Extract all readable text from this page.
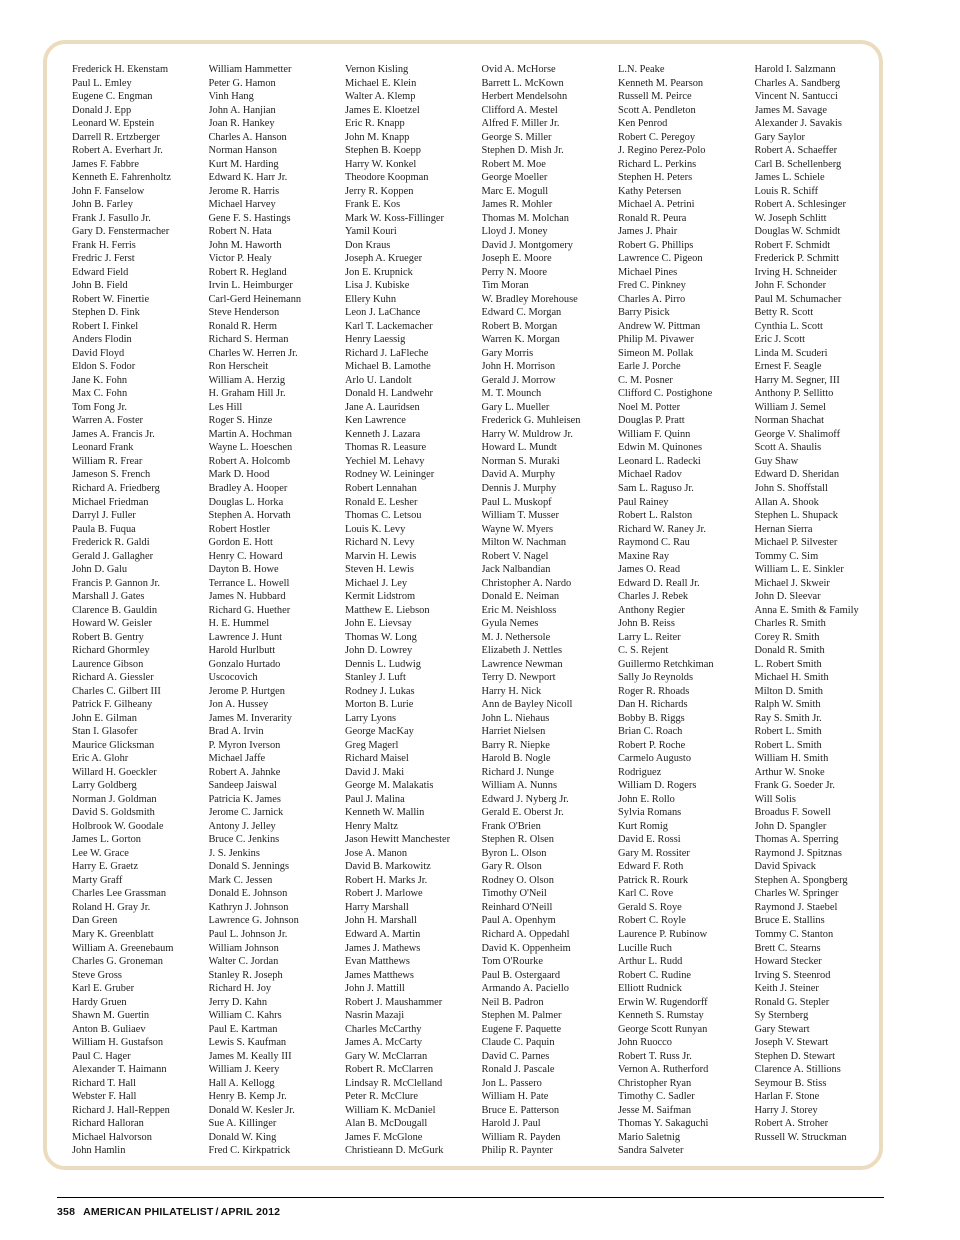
Frederick H. Ekenstam
Paul L. Emley
Eugene C. Engman
Donald J. Epp
Leonard W. Epstein
Darrell R. Ertzberger
Robert A. Everhart Jr.
James F. Fabbre
Kenneth E. Fahrenholtz
John F. Fanselow
John B. Farley
Frank J. Fasullo Jr.
Gary D. Fenstermacher
Frank H. Ferris
Fredric J. Ferst
Edward Field
John B. Field
Robert W. Finertie
Stephen D. Fink
Robert I. Finkel
Anders Flodin
David Floyd
Eldon S. Fodor
Jane K. Fohn
Max C. Fohn
Tom Fong Jr.
Warren A. Foster
James A. Francis Jr.
Leonard Frank
William R. Frear
Jameson S. French
Richard A. Friedberg
Michael Friedman
Darryl J. Fuller
Paula B. Fuqua
Frederick R. Galdi
Gerald J. Gallagher
John D. Galu
Francis P. Gannon Jr.
Marshall J. Gates
Clarence B. Gauldin
Howard W. Geisler
Robert B. Gentry
Richard Ghormley
Laurence Gibson
Richard A. Giessler
Charles C. Gilbert III
Patrick F. Gilheany
John E. Gilman
Stan I. Glasofer
Maurice Glicksman
Eric A. Glohr
Willard H. Goeckler
Larry Goldberg
Norman J. Goldman
David S. Goldsmith
Holbrook W. Goodale
James L. Gorton
Lee W. Grace
Harry E. Graetz
Marty Graff
Charles Lee Grassman
Roland H. Gray Jr.
Dan Green
Mary K. Greenblatt
William A. Greenebaum
Charles G. Groneman
Steve Gross
Karl E. Gruber
Hardy Gruen
Shawn M. Guertin
Anton B. Guliaev
William H. Gustafson
Paul C. Hager
Alexander T. Haimann
Richard T. Hall
Webster F. Hall
Richard J. Hall-Reppen
Richard Halloran
Michael Halvorson
John Hamlin
William Hammetter
Peter G. Hamon
Vinh Hang
John A. Hanjian
Joan R. Hankey
Charles A. Hanson
Norman Hanson
Kurt M. Harding
Edward K. Harr Jr.
Jerome R. Harris
Michael Harvey
Gene F. S. Hastings
Robert N. Hata
John M. Haworth
Victor P. Healy
Robert R. Hegland
Irvin L. Heimburger
Carl-Gerd Heinemann
Steve Henderson
Ronald R. Herm
Richard S. Herman
Charles W. Herren Jr.
Ron Herscheit
William A. Herzig
H. Graham Hill Jr.
Les Hill
Roger S. Hinze
Martin A. Hochman
Wayne L. Hoeschen
Robert A. Holcomb
Mark D. Hood
Bradley A. Hooper
Douglas L. Horka
Stephen A. Horvath
Robert Hostler
Gordon E. Hott
Henry C. Howard
Dayton B. Howe
Terrance L. Howell
James N. Hubbard
Richard G. Huether
H. E. Hummel
Lawrence J. Hunt
Harold Hurlbutt
Gonzalo Hurtado
Uscocovich
Jerome P. Hurtgen
Jon A. Hussey
James M. Inverarity
Brad A. Irvin
P. Myron Iverson
Michael Jaffe
Robert A. Jahnke
Sandeep Jaiswal
Patricia K. James
Jerome C. Jarnick
Antony J. Jelley
Bruce C. Jenkins
J. S. Jenkins
Donald S. Jennings
Mark C. Jessen
Donald E. Johnson
Kathryn J. Johnson
Lawrence G. Johnson
Paul L. Johnson Jr.
William Johnson
Walter C. Jordan
Stanley R. Joseph
Richard H. Joy
Jerry D. Kahn
William C. Kahrs
Paul E. Kartman
Lewis S. Kaufman
James M. Keally III
William J. Keery
Hall A. Kellogg
Henry B. Kemp Jr.
Donald W. Kesler Jr.
Sue A. Killinger
Donald W. King
Fred C. Kirkpatrick
Vernon Kisling
Michael E. Klein
Walter A. Klemp
James E. Kloetzel
Eric R. Knapp
John M. Knapp
Stephen B. Koepp
Harry W. Konkel
Theodore Koopman
Jerry R. Koppen
Frank E. Kos
Mark W. Koss-Fillinger
Yamil Kouri
Don Kraus
Joseph A. Krueger
Jon E. Krupnick
Lisa J. Kubiske
Ellery Kuhn
Leon J. LaChance
Karl T. Lackemacher
Henry Laessig
Richard J. LaFleche
Michael B. Lamothe
Arlo U. Landolt
Donald H. Landwehr
Jane A. Lauridsen
Ken Lawrence
Kenneth J. Lazara
Thomas R. Leasure
Yechiel M. Lehavy
Rodney W. Leininger
Robert Lennahan
Ronald E. Lesher
Thomas C. Letsou
Louis K. Levy
Richard N. Levy
Marvin H. Lewis
Steven H. Lewis
Michael J. Ley
Kermit Lidstrom
Matthew E. Liebson
John E. Lievsay
Thomas W. Long
John D. Lowrey
Dennis L. Ludwig
Stanley J. Luft
Rodney J. Lukas
Morton B. Lurie
Larry Lyons
George MacKay
Greg Magerl
Richard Maisel
David J. Maki
George M. Malakatis
Paul J. Malina
Kenneth W. Mallin
Henry Maltz
Jason Hewitt Manchester
Jose A. Manon
David B. Markowitz
Robert H. Marks Jr.
Robert J. Marlowe
Harry Marshall
John H. Marshall
Edward A. Martin
James J. Mathews
Evan Matthews
James Matthews
John J. Mattill
Robert J. Maushammer
Nasrin Mazaji
Charles McCarthy
James A. McCarty
Gary W. McClarran
Robert R. McClarren
Lindsay R. McClelland
Peter R. McClure
William K. McDaniel
Alan B. McDougall
James F. McGlone
Christieann D. McGurk
Ovid A. McHorse
Barrett L. McKown
Herbert Mendelsohn
Clifford A. Mestel
Alfred F. Miller Jr.
George S. Miller
Stephen D. Mish Jr.
Robert M. Moe
George Moeller
Marc E. Mogull
James R. Mohler
Thomas M. Molchan
Lloyd J. Money
David J. Montgomery
Joseph E. Moore
Perry N. Moore
Tim Moran
W. Bradley Morehouse
Edward C. Morgan
Robert B. Morgan
Warren K. Morgan
Gary Morris
John H. Morrison
Gerald J. Morrow
M. T. Mounch
Gary L. Mueller
Frederick G. Muhleisen
Harry W. Muldrow Jr.
Howard L. Mundt
Norman S. Muraki
David A. Murphy
Dennis J. Murphy
Paul L. Muskopf
William T. Musser
Wayne W. Myers
Milton W. Nachman
Robert V. Nagel
Jack Nalbandian
Christopher A. Nardo
Donald E. Neiman
Eric M. Neishloss
Gyula Nemes
M. J. Nethersole
Elizabeth J. Nettles
Lawrence Newman
Terry D. Newport
Harry H. Nick
Ann de Bayley Nicoll
John L. Niehaus
Harriet Nielsen
Barry R. Niepke
Harold B. Nogle
Richard J. Nunge
William A. Nunns
Edward J. Nyberg Jr.
Gerald E. Oberst Jr.
Frank O'Brien
Stephen R. Olsen
Byron L. Olson
Gary R. Olson
Rodney O. Olson
Timothy O'Neil
Reinhard O'Neill
Paul A. Openhym
Richard A. Oppedahl
David K. Oppenheim
Tom O'Rourke
Paul B. Ostergaard
Armando A. Paciello
Neil B. Padron
Stephen M. Palmer
Eugene F. Paquette
Claude C. Paquin
David C. Parnes
Ronald J. Pascale
Jon L. Passero
William H. Pate
Bruce E. Patterson
Harold J. Paul
William R. Payden
Philip R. Paynter
L.N. Peake
Kenneth M. Pearson
Russell M. Peirce
Scott A. Pendleton
Ken Penrod
Robert C. Peregoy
J. Regino Perez-Polo
Richard L. Perkins
Stephen H. Peters
Kathy Petersen
Michael A. Petrini
Ronald R. Peura
James J. Phair
Robert G. Phillips
Lawrence C. Pigeon
Michael Pines
Fred C. Pinkney
Charles A. Pirro
Barry Pisick
Andrew W. Pittman
Philip M. Pivawer
Simeon M. Pollak
Earle J. Porche
C. M. Posner
Clifford C. Postighone
Noel M. Potter
Douglas P. Pratt
William F. Quinn
Edwin M. Quinones
Leonard L. Radecki
Michael Radov
Sam L. Raguso Jr.
Paul Rainey
Robert L. Ralston
Richard W. Raney Jr.
Raymond C. Rau
Maxine Ray
James O. Read
Edward D. Reall Jr.
Charles J. Rebek
Anthony Regier
John B. Reiss
Larry L. Reiter
C. S. Rejent
Guillermo Retchkiman
Sally Jo Reynolds
Roger R. Rhoads
Dan H. Richards
Bobby B. Riggs
Brian C. Roach
Robert P. Roche
Carmelo Augusto
Rodriguez
William D. Rogers
John E. Rollo
Sylvia Romans
Kurt Romig
David E. Rossi
Gary M. Rossiter
Edward F. Roth
Patrick R. Rourk
Karl C. Rove
Gerald S. Roye
Robert C. Royle
Laurence P. Rubinow
Lucille Ruch
Arthur L. Rudd
Robert C. Rudine
Elliott Rudnick
Erwin W. Rugendorff
Kenneth S. Rumstay
George Scott Runyan
John Ruocco
Robert T. Russ Jr.
Vernon A. Rutherford
Christopher Ryan
Timothy C. Sadler
Jesse M. Saifman
Thomas Y. Sakaguchi
Mario Saletnig
Sandra Salveter
Harold I. Salzmann
Charles A. Sandberg
Vincent N. Santucci
James M. Savage
Alexander J. Savakis
Gary Saylor
Robert A. Schaeffer
Carl B. Schellenberg
James L. Schiele
Louis R. Schiff
Robert A. Schlesinger
W. Joseph Schlitt
Douglas W. Schmidt
Robert F. Schmidt
Frederick P. Schmitt
Irving H. Schneider
John F. Schonder
Paul M. Schumacher
Betty R. Scott
Cynthia L. Scott
Eric J. Scott
Linda M. Scuderi
Ernest F. Seagle
Harry M. Segner, III
Anthony P. Sellitto
William J. Semel
Norman Shachat
George V. Shalimoff
Scott A. Shaulis
Guy Shaw
Edward D. Sheridan
John S. Shoffstall
Allan A. Shook
Stephen L. Shupack
Hernan Sierra
Michael P. Silvester
Tommy C. Sim
William L. E. Sinkler
Michael J. Skweir
John D. Sleevar
Anna E. Smith & Family
Charles R. Smith
Corey R. Smith
Donald R. Smith
L. Robert Smith
Michael H. Smith
Milton D. Smith
Ralph W. Smith
Ray S. Smith Jr.
Robert L. Smith
Robert L. Smith
William H. Smith
Arthur W. Snoke
Frank G. Soeder Jr.
Will Solis
Broadus F. Sowell
John D. Spangler
Thomas A. Sperring
Raymond J. Spitznas
David Spivack
Stephen A. Spongberg
Charles W. Springer
Raymond J. Staebel
Bruce E. Stallins
Tommy C. Stanton
Brett C. Stearns
Howard Stecker
Irving S. Steenrod
Keith J. Steiner
Ronald G. Stepler
Sy Sternberg
Gary Stewart
Joseph V. Stewart
Stephen D. Stewart
Clarence A. Stillions
Seymour B. Stiss
Harlan F. Stone
Harry J. Storey
Robert A. Stroher
Russell W. Struckman
358 AMERICAN PHILATELIST / APRIL 2012
